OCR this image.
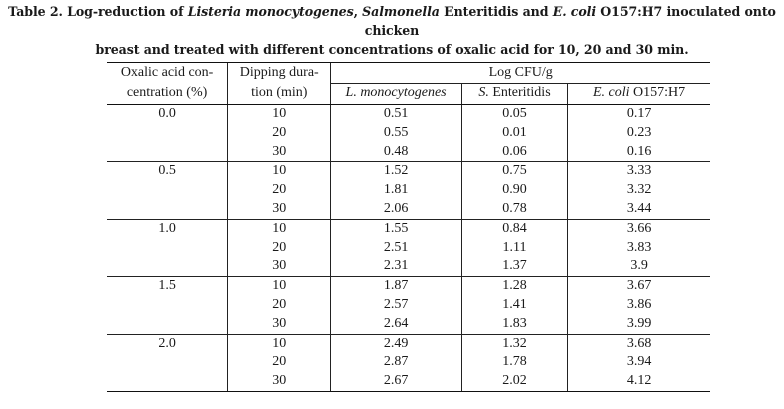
Table 2. Log-reduction of Listeria monocytogenes, Salmonella Enteritidis and E. coli O157:H7 inoculated onto chicken
breast and treated with different concentrations of oxalic acid for 10, 20 and 30 min.
Oxalic acid con-	Dipping dura-	Log CFU/g		
centration (%)	tion (min)	L. monocytogenes	S. Enteritidis	E. coli O157:H7
0.0	10	0.51	0.05	0.17
	20	0.55	0.01	0.23
	30	0.48	0.06	0.16
0.5	10	1.52	0.75	3.33
	20	1.81	0.90	3.32
	30	2.06	0.78	3.44
1.0	10	1.55	0.84	3.66
	20	2.51	1.11	3.83
	30	2.31	1.37	3.9
1.5	10	1.87	1.28	3.67
	20	2.57	1.41	3.86
	30	2.64	1.83	3.99
2.0	10	2.49	1.32	3.68
	20	2.87	1.78	3.94
	30	2.67	2.02	4.12
